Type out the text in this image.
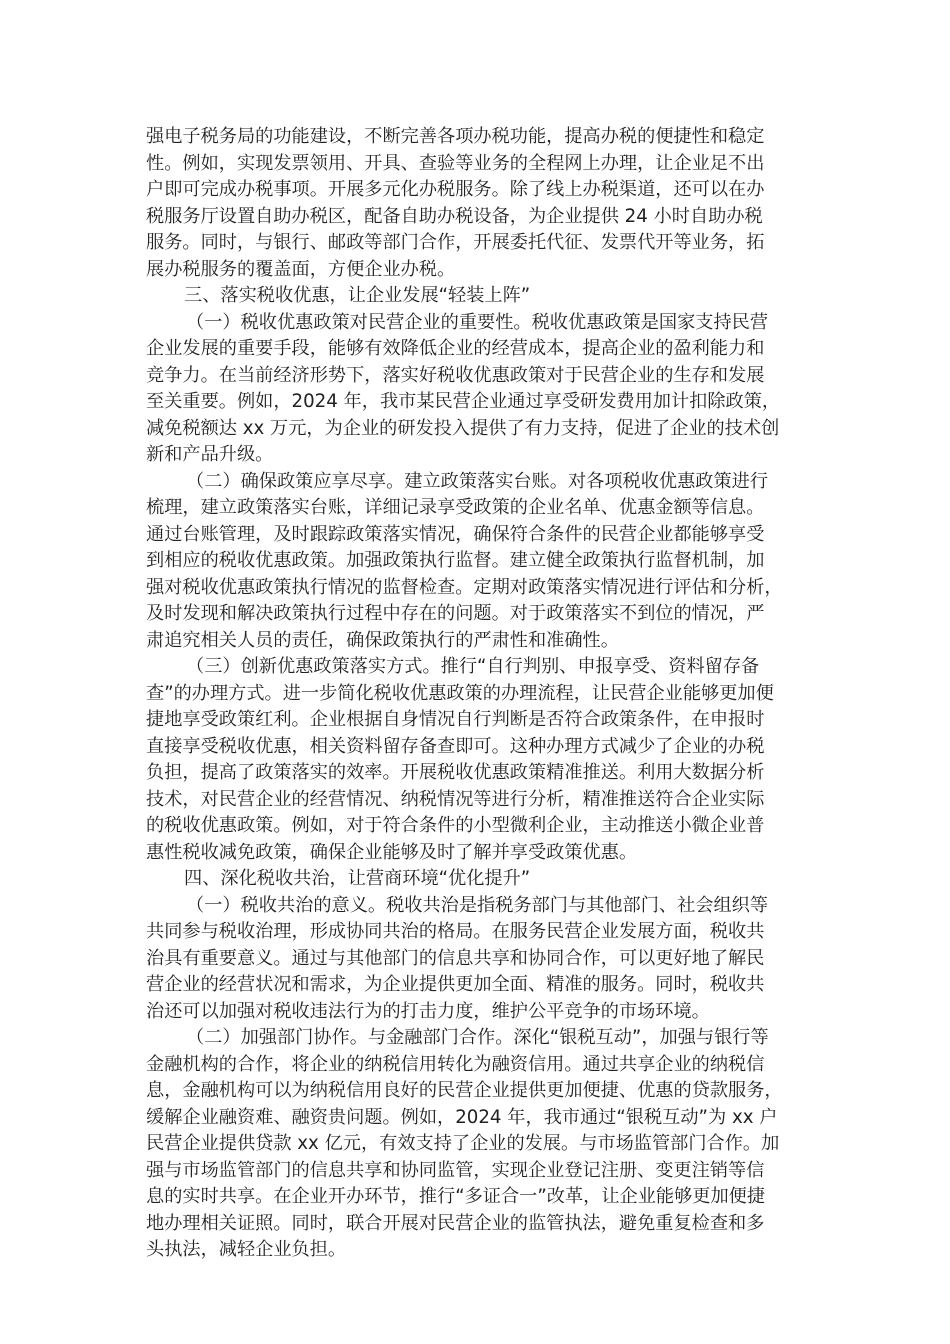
强电子税务局的功能建设，不断完善各项办税功能，提高办税的便捷性和稳定
性。例如，实现发票领用、开具、查验等业务的全程网上办理，让企业足不出
户即可完成办税事项。开展多元化办税服务。除了线上办税渠道，还可以在办
税服务厅设置自助办税区，配备自助办税设备，为企业提供 24 小时自助办税
服务。同时，与银行、邮政等部门合作，开展委托代征、发票代开等业务，拓
展办税服务的覆盖面，方便企业办税。
三、落实税收优惠，让企业发展“轻装上阵”
（一）税收优惠政策对民营企业的重要性。税收优惠政策是国家支持民营
企业发展的重要手段，能够有效降低企业的经营成本，提高企业的盈利能力和
竞争力。在当前经济形势下，落实好税收优惠政策对于民营企业的生存和发展
至关重要。例如，2024 年，我市某民营企业通过享受研发费用加计扣除政策，
减免税额达 xx 万元，为企业的研发投入提供了有力支持，促进了企业的技术创
新和产品升级。
（二）确保政策应享尽享。建立政策落实台账。对各项税收优惠政策进行
梳理，建立政策落实台账，详细记录享受政策的企业名单、优惠金额等信息。
通过台账管理，及时跟踪政策落实情况，确保符合条件的民营企业都能够享受
到相应的税收优惠政策。加强政策执行监督。建立健全政策执行监督机制，加
强对税收优惠政策执行情况的监督检查。定期对政策落实情况进行评估和分析，
及时发现和解决政策执行过程中存在的问题。对于政策落实不到位的情况，严
肃追究相关人员的责任，确保政策执行的严肃性和准确性。
（三）创新优惠政策落实方式。推行“自行判别、申报享受、资料留存备
查”的办理方式。进一步简化税收优惠政策的办理流程，让民营企业能够更加便
捷地享受政策红利。企业根据自身情况自行判断是否符合政策条件，在申报时
直接享受税收优惠，相关资料留存备查即可。这种办理方式减少了企业的办税
负担，提高了政策落实的效率。开展税收优惠政策精准推送。利用大数据分析
技术，对民营企业的经营情况、纳税情况等进行分析，精准推送符合企业实际
的税收优惠政策。例如，对于符合条件的小型微利企业，主动推送小微企业普
惠性税收减免政策，确保企业能够及时了解并享受政策优惠。
四、深化税收共治，让营商环境“优化提升”
（一）税收共治的意义。税收共治是指税务部门与其他部门、社会组织等
共同参与税收治理，形成协同共治的格局。在服务民营企业发展方面，税收共
治具有重要意义。通过与其他部门的信息共享和协同合作，可以更好地了解民
营企业的经营状况和需求，为企业提供更加全面、精准的服务。同时，税收共
治还可以加强对税收违法行为的打击力度，维护公平竞争的市场环境。
（二）加强部门协作。与金融部门合作。深化“银税互动”，加强与银行等
金融机构的合作，将企业的纳税信用转化为融资信用。通过共享企业的纳税信
息，金融机构可以为纳税信用良好的民营企业提供更加便捷、优惠的贷款服务，
缓解企业融资难、融资贵问题。例如，2024 年，我市通过“银税互动”为 xx 户
民营企业提供贷款 xx 亿元，有效支持了企业的发展。与市场监管部门合作。加
强与市场监管部门的信息共享和协同监管，实现企业登记注册、变更注销等信
息的实时共享。在企业开办环节，推行“多证合一”改革，让企业能够更加便捷
地办理相关证照。同时，联合开展对民营企业的监管执法，避免重复检查和多
头执法，减轻企业负担。
